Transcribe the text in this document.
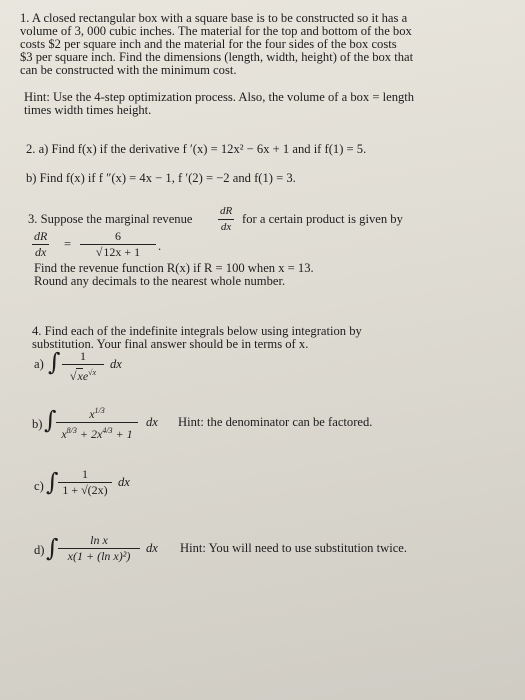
1. A closed rectangular box with a square base is to be constructed so it has a
volume of 3, 000 cubic inches. The material for the top and bottom of the box
costs $2 per square inch and the material for the four sides of the box costs
$3 per square inch. Find the dimensions (length, width, height) of the box that
can be constructed with the minimum cost.
Hint: Use the 4-step optimization process. Also, the volume of a box = length
times width times height.
2. a) Find f(x) if the derivative f ′(x) = 12x² − 6x + 1 and if f(1) = 5.
b) Find f(x) if f ″(x) = 4x − 1, f ′(2) = −2 and f(1) = 3.
3. Suppose the marginal revenue
dR
dx
for a certain product is given by
dR
dx
=
6
√12x + 1	.
Find the revenue function R(x) if R = 100 when x = 13.
Round any decimals to the nearest whole number.
4. Find each of the indefinite integrals below using integration by
substitution. Your final answer should be in terms of x.
a) ∫	1
$√xe^{√x}$
dx
b) ∫	$x^{1/3}$
$x^{8/3} + 2x^{4/3} + 1$
dx Hint: the denominator can be factored.
c) ∫	1
1 + √(2x)
dx
d) ∫	ln x
x(1 + (ln x)²)
dx Hint: You will need to use substitution twice.
